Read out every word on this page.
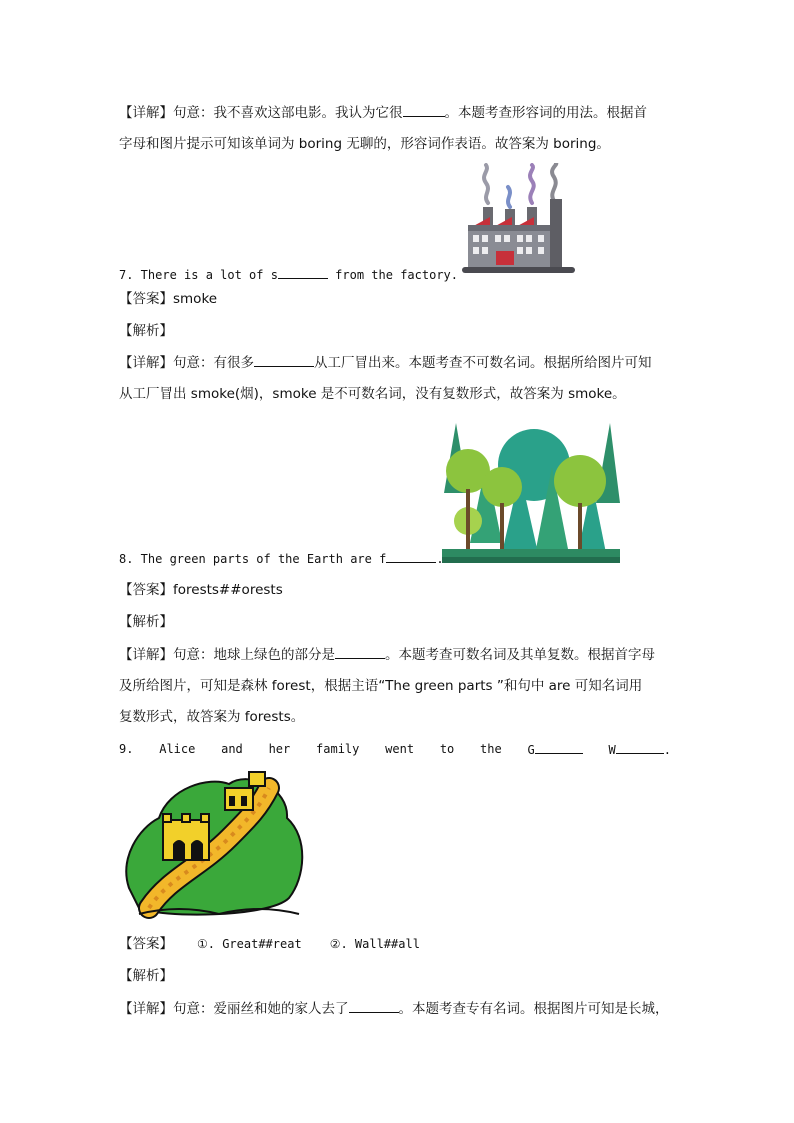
【详解】句意：我不喜欢这部电影。我认为它很	。本题考查形容词的用法。根据首
字母和图片提示可知该单词为 boring 无聊的，形容词作表语。故答案为 boring。
7. There is a lot of s	from the factory.
【答案】smoke
【解析】
【详解】句意：有很多	从工厂冒出来。本题考查不可数名词。根据所给图片可知
从工厂冒出 smoke(烟)，smoke 是不可数名词，没有复数形式，故答案为 smoke。
8. The green parts of the Earth are f	.
【答案】forests##orests
【解析】
【详解】句意：地球上绿色的部分是	。本题考查可数名词及其单复数。根据首字母
及所给图片，可知是森林 forest，根据主语“The green parts ”和句中 are 可知名词用
复数形式，故答案为 forests。
9. Alice and her family went to the G	W	.
【答案】 ①. Great##reat ②. Wall##all
【解析】
【详解】句意：爱丽丝和她的家人去了	。本题考查专有名词。根据图片可知是长城，
